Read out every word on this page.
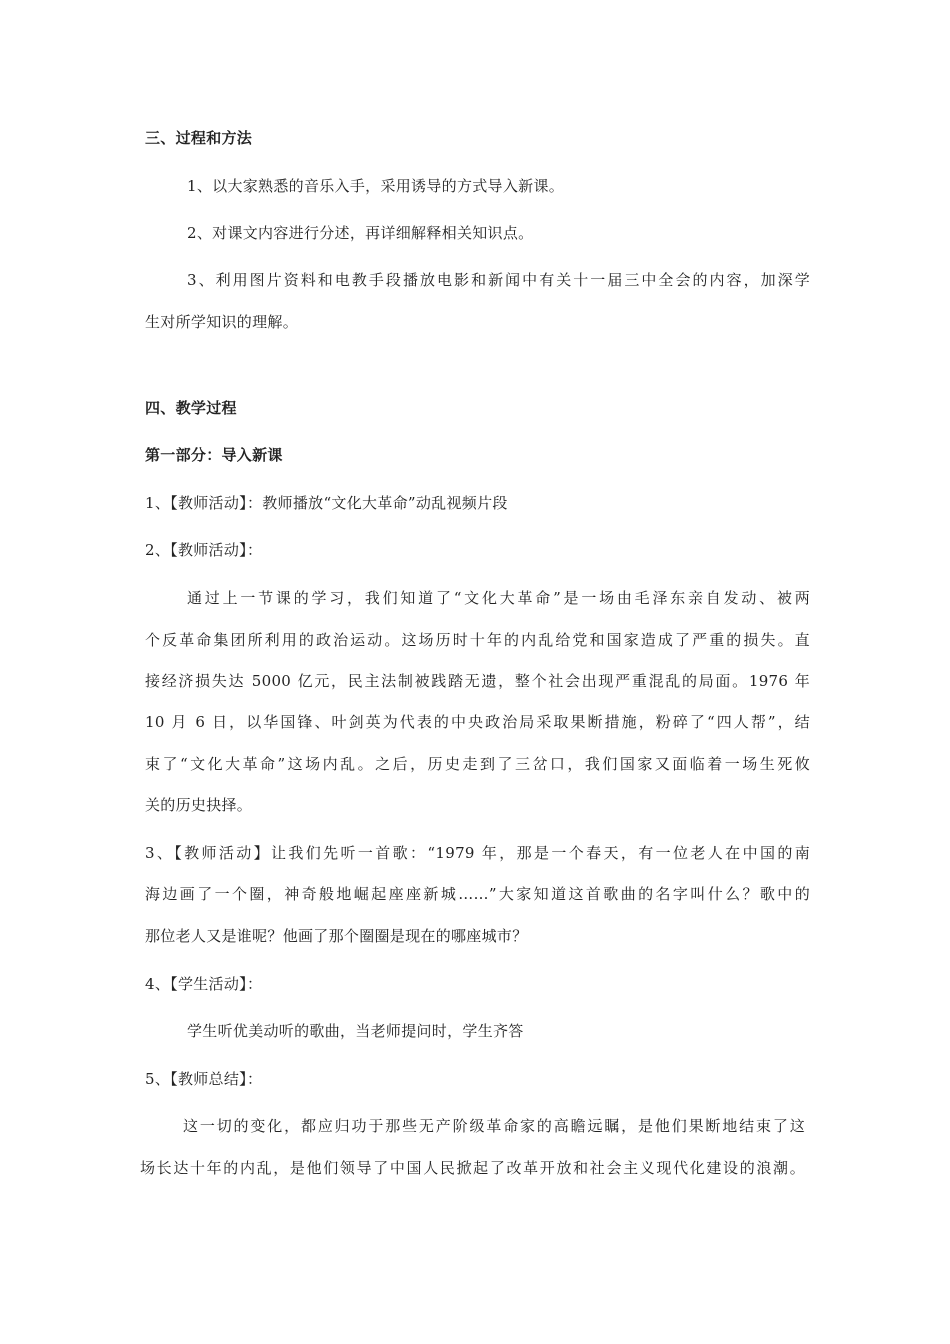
三、过程和方法
1、以大家熟悉的音乐入手，采用诱导的方式导入新课。
2、对课文内容进行分述，再详细解释相关知识点。
3、利用图片资料和电教手段播放电影和新闻中有关十一届三中全会的内容，加深学
生对所学知识的理解。
四、教学过程
第一部分：导入新课
1、【教师活动】：教师播放“文化大革命”动乱视频片段
2、【教师活动】：
通过上一节课的学习，我们知道了“文化大革命”是一场由毛泽东亲自发动、被两
个反革命集团所利用的政治运动。这场历时十年的内乱给党和国家造成了严重的损失。直
接经济损失达 5000 亿元，民主法制被践踏无遗，整个社会出现严重混乱的局面。1976 年
10 月 6 日，以华国锋、叶剑英为代表的中央政治局采取果断措施，粉碎了“四人帮”，结
束了“文化大革命”这场内乱。之后，历史走到了三岔口，我们国家又面临着一场生死攸
关的历史抉择。
3、【教师活动】让我们先听一首歌：“1979 年，那是一个春天，有一位老人在中国的南
海边画了一个圈，神奇般地崛起座座新城……”大家知道这首歌曲的名字叫什么？歌中的
那位老人又是谁呢？他画了那个圈圈是现在的哪座城市？
4、【学生活动】：
学生听优美动听的歌曲，当老师提问时，学生齐答
5、【教师总结】：
这一切的变化，都应归功于那些无产阶级革命家的高瞻远瞩，是他们果断地结束了这
场长达十年的内乱，是他们领导了中国人民掀起了改革开放和社会主义现代化建设的浪潮。
